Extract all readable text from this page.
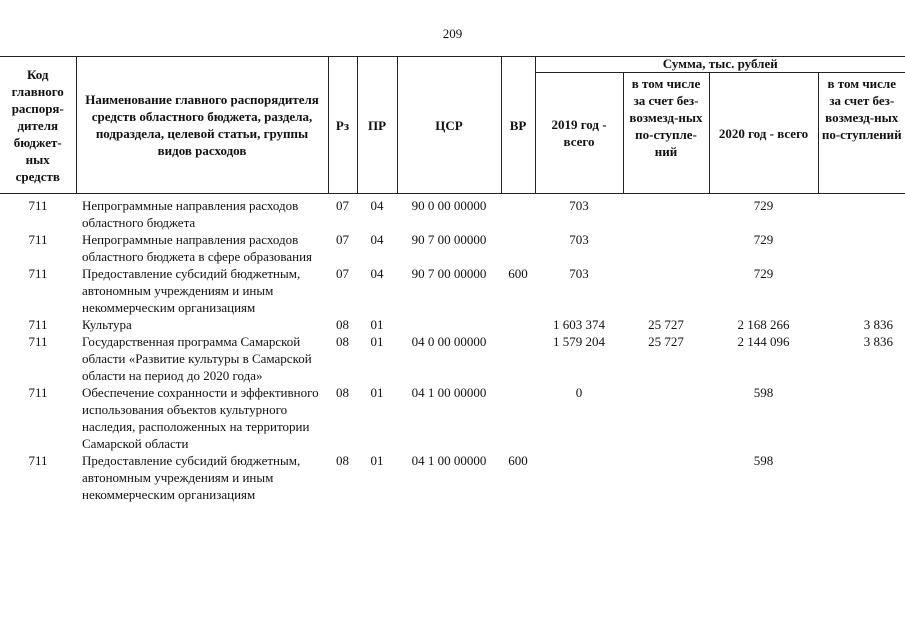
209
Код главного распоря-дителя бюджет-ных средств	Наименование главного распорядителя средств областного бюджета, раздела, подраздела, целевой статьи, группы видов расходов	Рз	ПР	ЦСР	ВР	Сумма, тыс. рублей			
						2019 год - всего	в том числе за счет без-возмезд-ных по-ступле-ний	2020 год - всего	в том числе за счет без-возмезд-ных по-ступлений
711	Непрограммные направления расходов областного бюджета	07	04	90 0 00 00000		703		729	
711	Непрограммные направления расходов областного бюджета в сфере образования	07	04	90 7 00 00000		703		729	
711	Предоставление субсидий бюджетным, автономным учреждениям и иным некоммерческим организациям	07	04	90 7 00 00000	600	703		729	
711	Культура	08	01			1 603 374	25 727	2 168 266	3 836
711	Государственная программа Самарской области «Развитие культуры в Самарской области на период до 2020 года»	08	01	04 0 00 00000		1 579 204	25 727	2 144 096	3 836
711	Обеспечение сохранности и эффективного использования объектов культурного наследия, расположенных на территории Самарской области	08	01	04 1 00 00000		0		598	
711	Предоставление субсидий бюджетным, автономным учреждениям и иным некоммерческим организациям	08	01	04 1 00 00000	600			598	
